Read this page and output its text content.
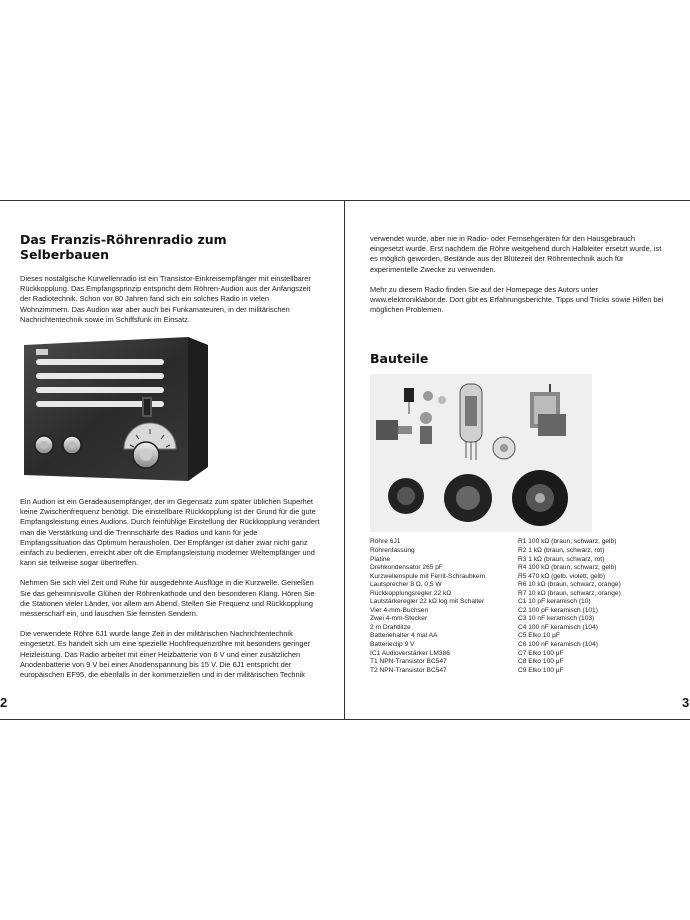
Das Franzis-Röhrenradio zum Selberbauen

Dieses nostalgische Kurwellenradio ist ein Transistor-Einkreisempfänger mit einstellbarer Rückkopplung. Das Empfangsprinzip entspricht dem Röhren-Audion aus der Anfangszeit der Radiotechnik. Schon vor 80 Jahren fand sich ein solches Radio in vielen Wohnzimmern. Das Audion war aber auch bei Funkamateuren, in der militärischen Nachrichtentechnik sowie im Schiffsfunk im Einsatz.

Ein Audion ist ein Geradeausempfänger, der im Gegensatz zum später üblichen Superhet keine Zwischenfrequenz benötigt. Die einstellbare Rückkopplung ist der Grund für die gute Empfangsleistung eines Audions. Durch feinfühlige Einstellung der Rückkopplung verändert man die Verstärkung und die Trennschärfe des Radios und kann für jede Empfangssituation das Optimum herausholen. Der Empfänger ist daher zwar nicht ganz einfach zu bedienen, erreicht aber oft die Empfangsleistung moderner Weltempfänger und kann sie teilweise sogar übertreffen.

Nehmen Sie sich viel Zeit und Ruhe für ausgedehnte Ausflüge in die Kurzwelle. Genießen Sie das geheimnisvolle Glühen der Röhrenkathode und den besonderen Klang. Hören Sie die Stationen vieler Länder, vor allem am Abend. Stellen Sie Frequenz und Rückkopplung messerscharf ein, und lauschen Sie fernsten Sendern.

Die verwendete Röhre 6J1 wurde lange Zeit in der militärischen Nachrichtentechnik eingesetzt. Es handelt sich um eine spezielle Hochfrequenzröhre mit besonders geringer Heizleistung. Das Radio arbeitet mit einer Heizbatterie von 6 V und einer zusätzlichen Anodenbatterie von 9 V bei einer Anodenspannung bis 15 V. Die 6J1 entspricht der europäischen EF95, die ebenfalls in der kommerziellen und in der militärischen Technik

2

verwendet wurde, aber nie in Radio- oder Fernsehgeräten für den Hausgebrauch eingesetzt wurde. Erst nachdem die Röhre weitgehend durch Halbleiter ersetzt wurde, ist es möglich geworden, Bestände aus der Blütezeit der Röhrentechnik auch für experimentelle Zwecke zu verwenden.

Mehr zu diesem Radio finden Sie auf der Homepage des Autors unter www.elektroniklabor.de. Dort gibt es Erfahrungsberichte, Tipps und Tricks sowie Hilfen bei möglichen Problemen.

Bauteile
Röhre 6J1
Röhrenfassung
Platine
Drehkondensator 265 pF
Kurzwellenspule mit Ferrit-Schraubkern
Lautsprecher 8 Ω, 0,5 W
Rückkopplungsregler 22 kΩ
Lautstärkeregler 22 kΩ log mit Schalter
Vier 4-mm-Buchsen
Zwei 4-mm-Stecker
2 m Drahtlitze
Batteriehalter 4 mal AA
Batterieclip 9 V
IC1 Audioverstärker LM386
T1 NPN-Transistor BC547
T2 NPN-Transistor BC547
R1 100 kΩ (braun, schwarz, gelb)
R2 1 kΩ (braun, schwarz, rot)
R3 1 kΩ (braun, schwarz, rot)
R4 100 kΩ (braun, schwarz, gelb)
R5 470 kΩ (gelb, violett, gelb)
R6 10 kΩ (braun, schwarz, orange)
R7 10 kΩ (braun, schwarz, orange)
C1 10 pF keramisch (10)
C2 100 pF keramisch (101)
C3 10 nF keramisch (103)
C4 100 nF keramisch (104)
C5 Elko 10 µF
C6 100 nF keramisch (104)
C7 Elko 100 µF
C8 Elko 100 µF
C9 Elko 100 µF
3
